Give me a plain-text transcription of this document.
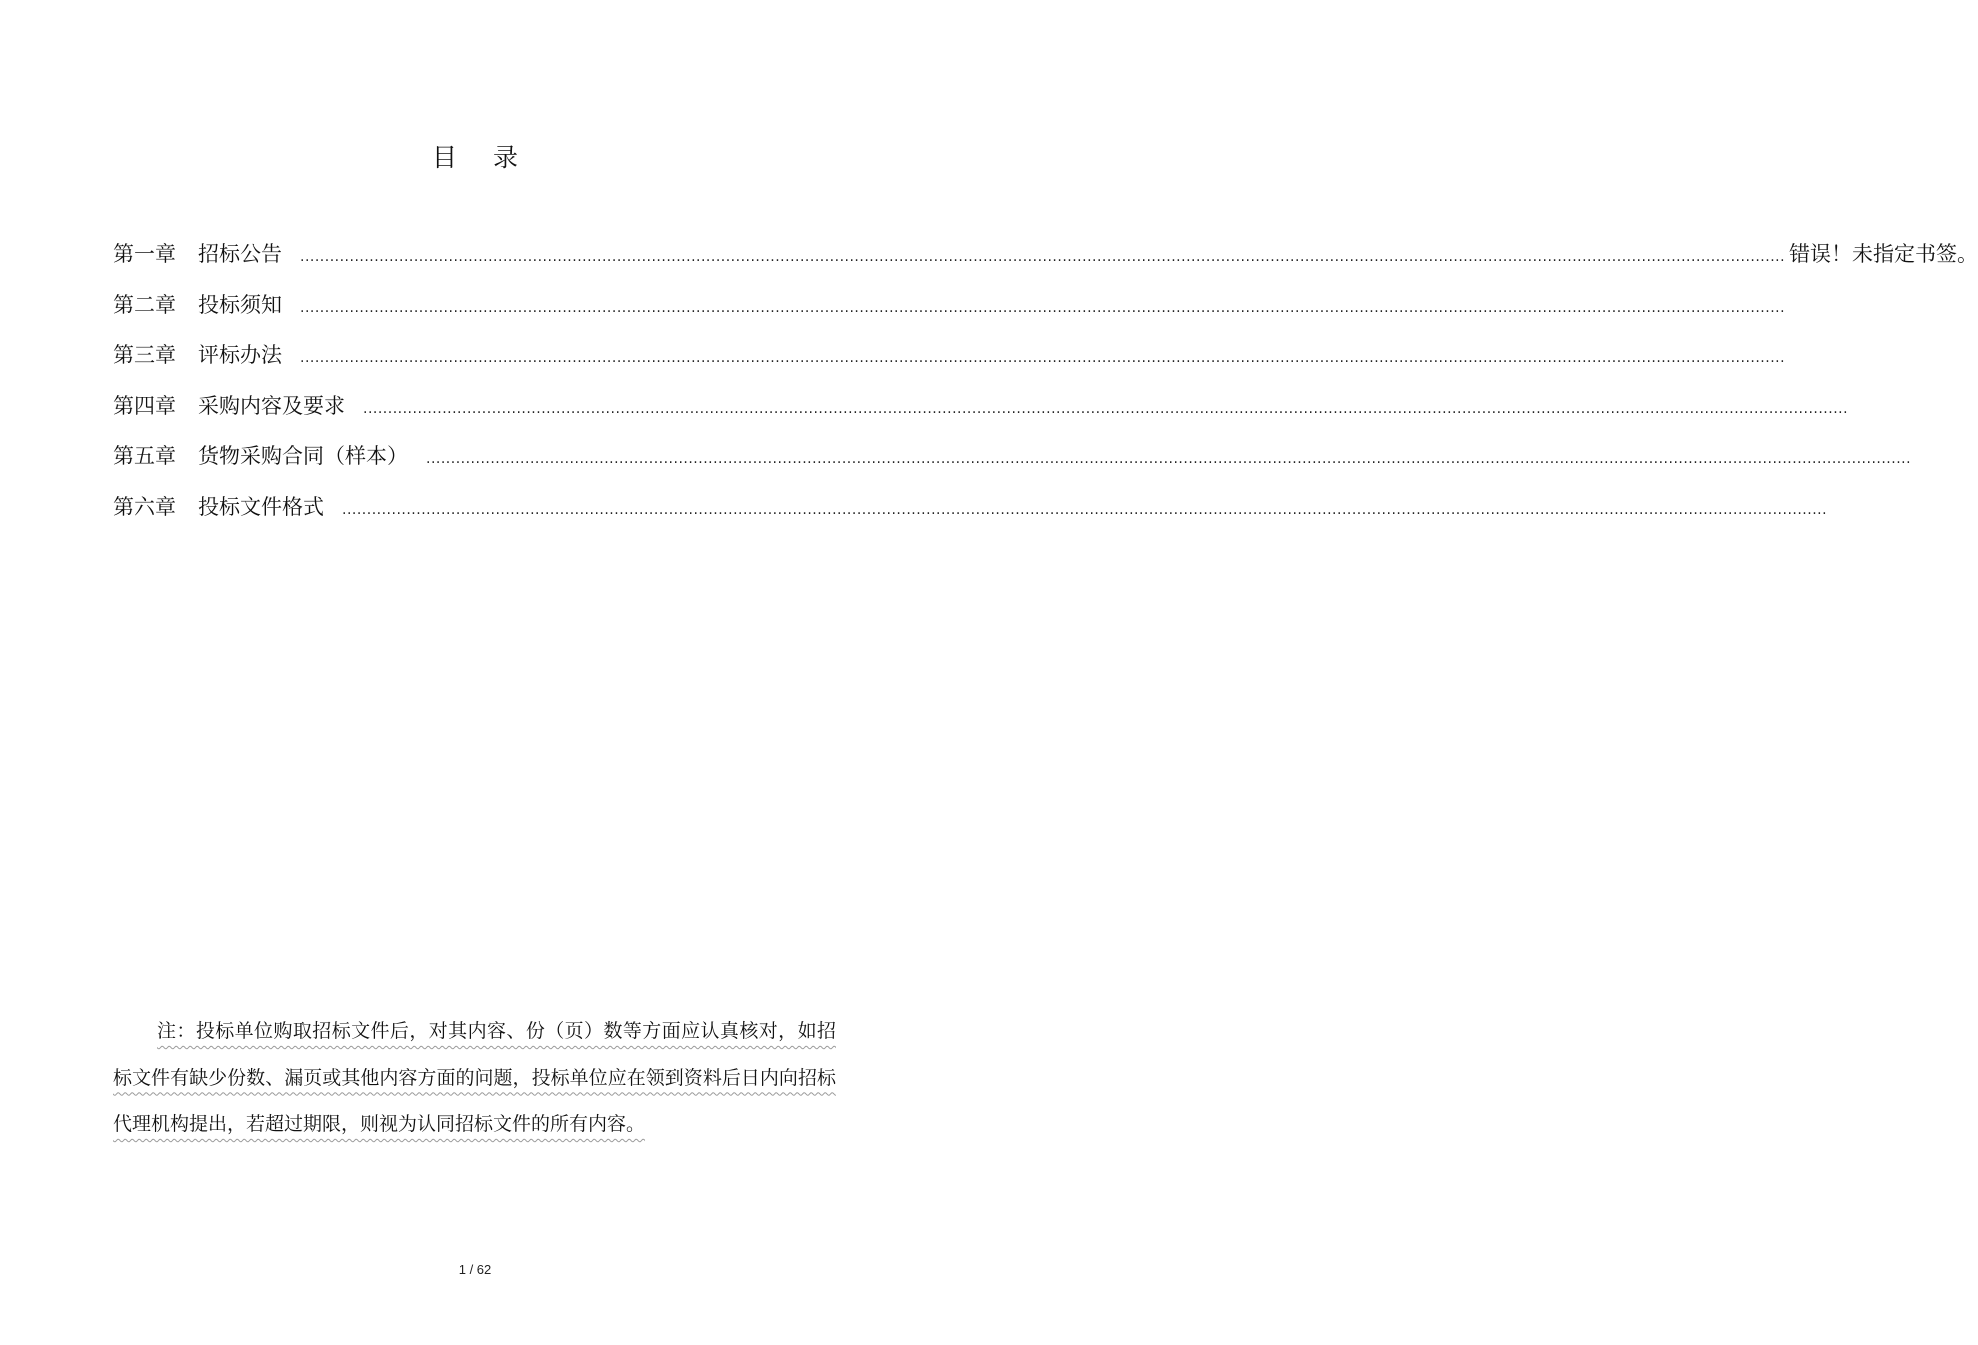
目 录
第一章 招标公告 ............................................................................................................................................................................................................................................................................................................ 错误！未指定书签。
第二章 投标须知 ............................................................................................................................................................................................................................................................................................................
第三章 评标办法 ............................................................................................................................................................................................................................................................................................................
第四章 采购内容及要求 ............................................................................................................................................................................................................................................................................................................
第五章 货物采购合同（样本） ............................................................................................................................................................................................................................................................................................................
第六章 投标文件格式 ............................................................................................................................................................................................................................................................................................................
注：投标单位购取招标文件后，对其内容、份（页）数等方面应认真核对，如招标文件有缺少份数、漏页或其他内容方面的问题，投标单位应在领到资料后日内向招标代理机构提出，若超过期限，则视为认同招标文件的所有内容。
1 / 62
